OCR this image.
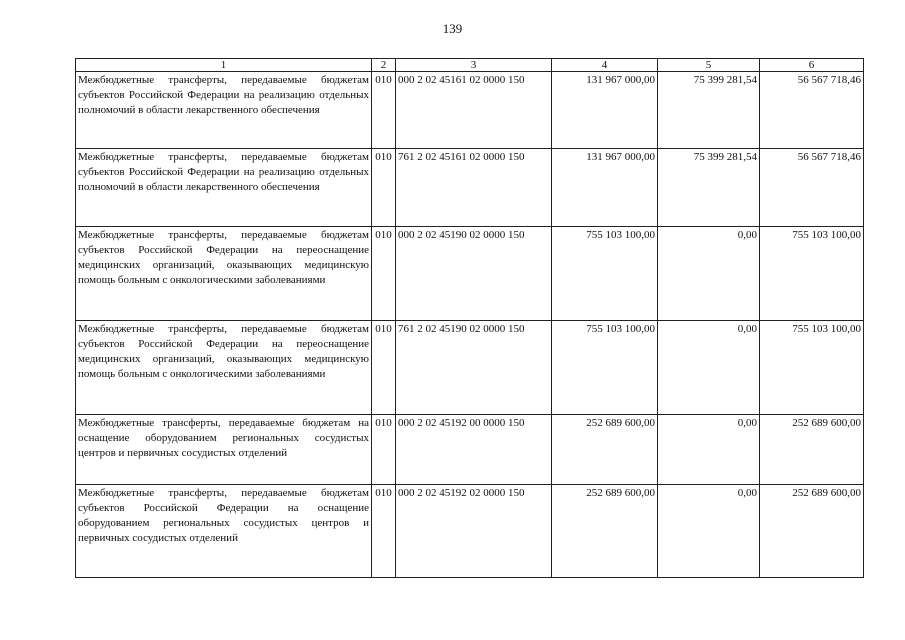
139
1	2	3	4	5	6
Межбюджетные трансферты, передаваемые бюджетам субъектов Российской Федерации на реализацию отдельных полномочий в области лекарственного обеспечения	010	000 2 02 45161 02 0000 150	131 967 000,00	75 399 281,54	56 567 718,46
Межбюджетные трансферты, передаваемые бюджетам субъектов Российской Федерации на реализацию отдельных полномочий в области лекарственного обеспечения	010	761 2 02 45161 02 0000 150	131 967 000,00	75 399 281,54	56 567 718,46
Межбюджетные трансферты, передаваемые бюджетам субъектов Российской Федерации на переоснащение медицинских организаций, оказывающих медицинскую помощь больным с онкологическими заболеваниями	010	000 2 02 45190 02 0000 150	755 103 100,00	0,00	755 103 100,00
Межбюджетные трансферты, передаваемые бюджетам субъектов Российской Федерации на переоснащение медицинских организаций, оказывающих медицинскую помощь больным с онкологическими заболеваниями	010	761 2 02 45190 02 0000 150	755 103 100,00	0,00	755 103 100,00
Межбюджетные трансферты, передаваемые бюджетам на оснащение оборудованием региональных сосудистых центров и первичных сосудистых отделений	010	000 2 02 45192 00 0000 150	252 689 600,00	0,00	252 689 600,00
Межбюджетные трансферты, передаваемые бюджетам субъектов Российской Федерации на оснащение оборудованием региональных сосудистых центров и первичных сосудистых отделений	010	000 2 02 45192 02 0000 150	252 689 600,00	0,00	252 689 600,00
